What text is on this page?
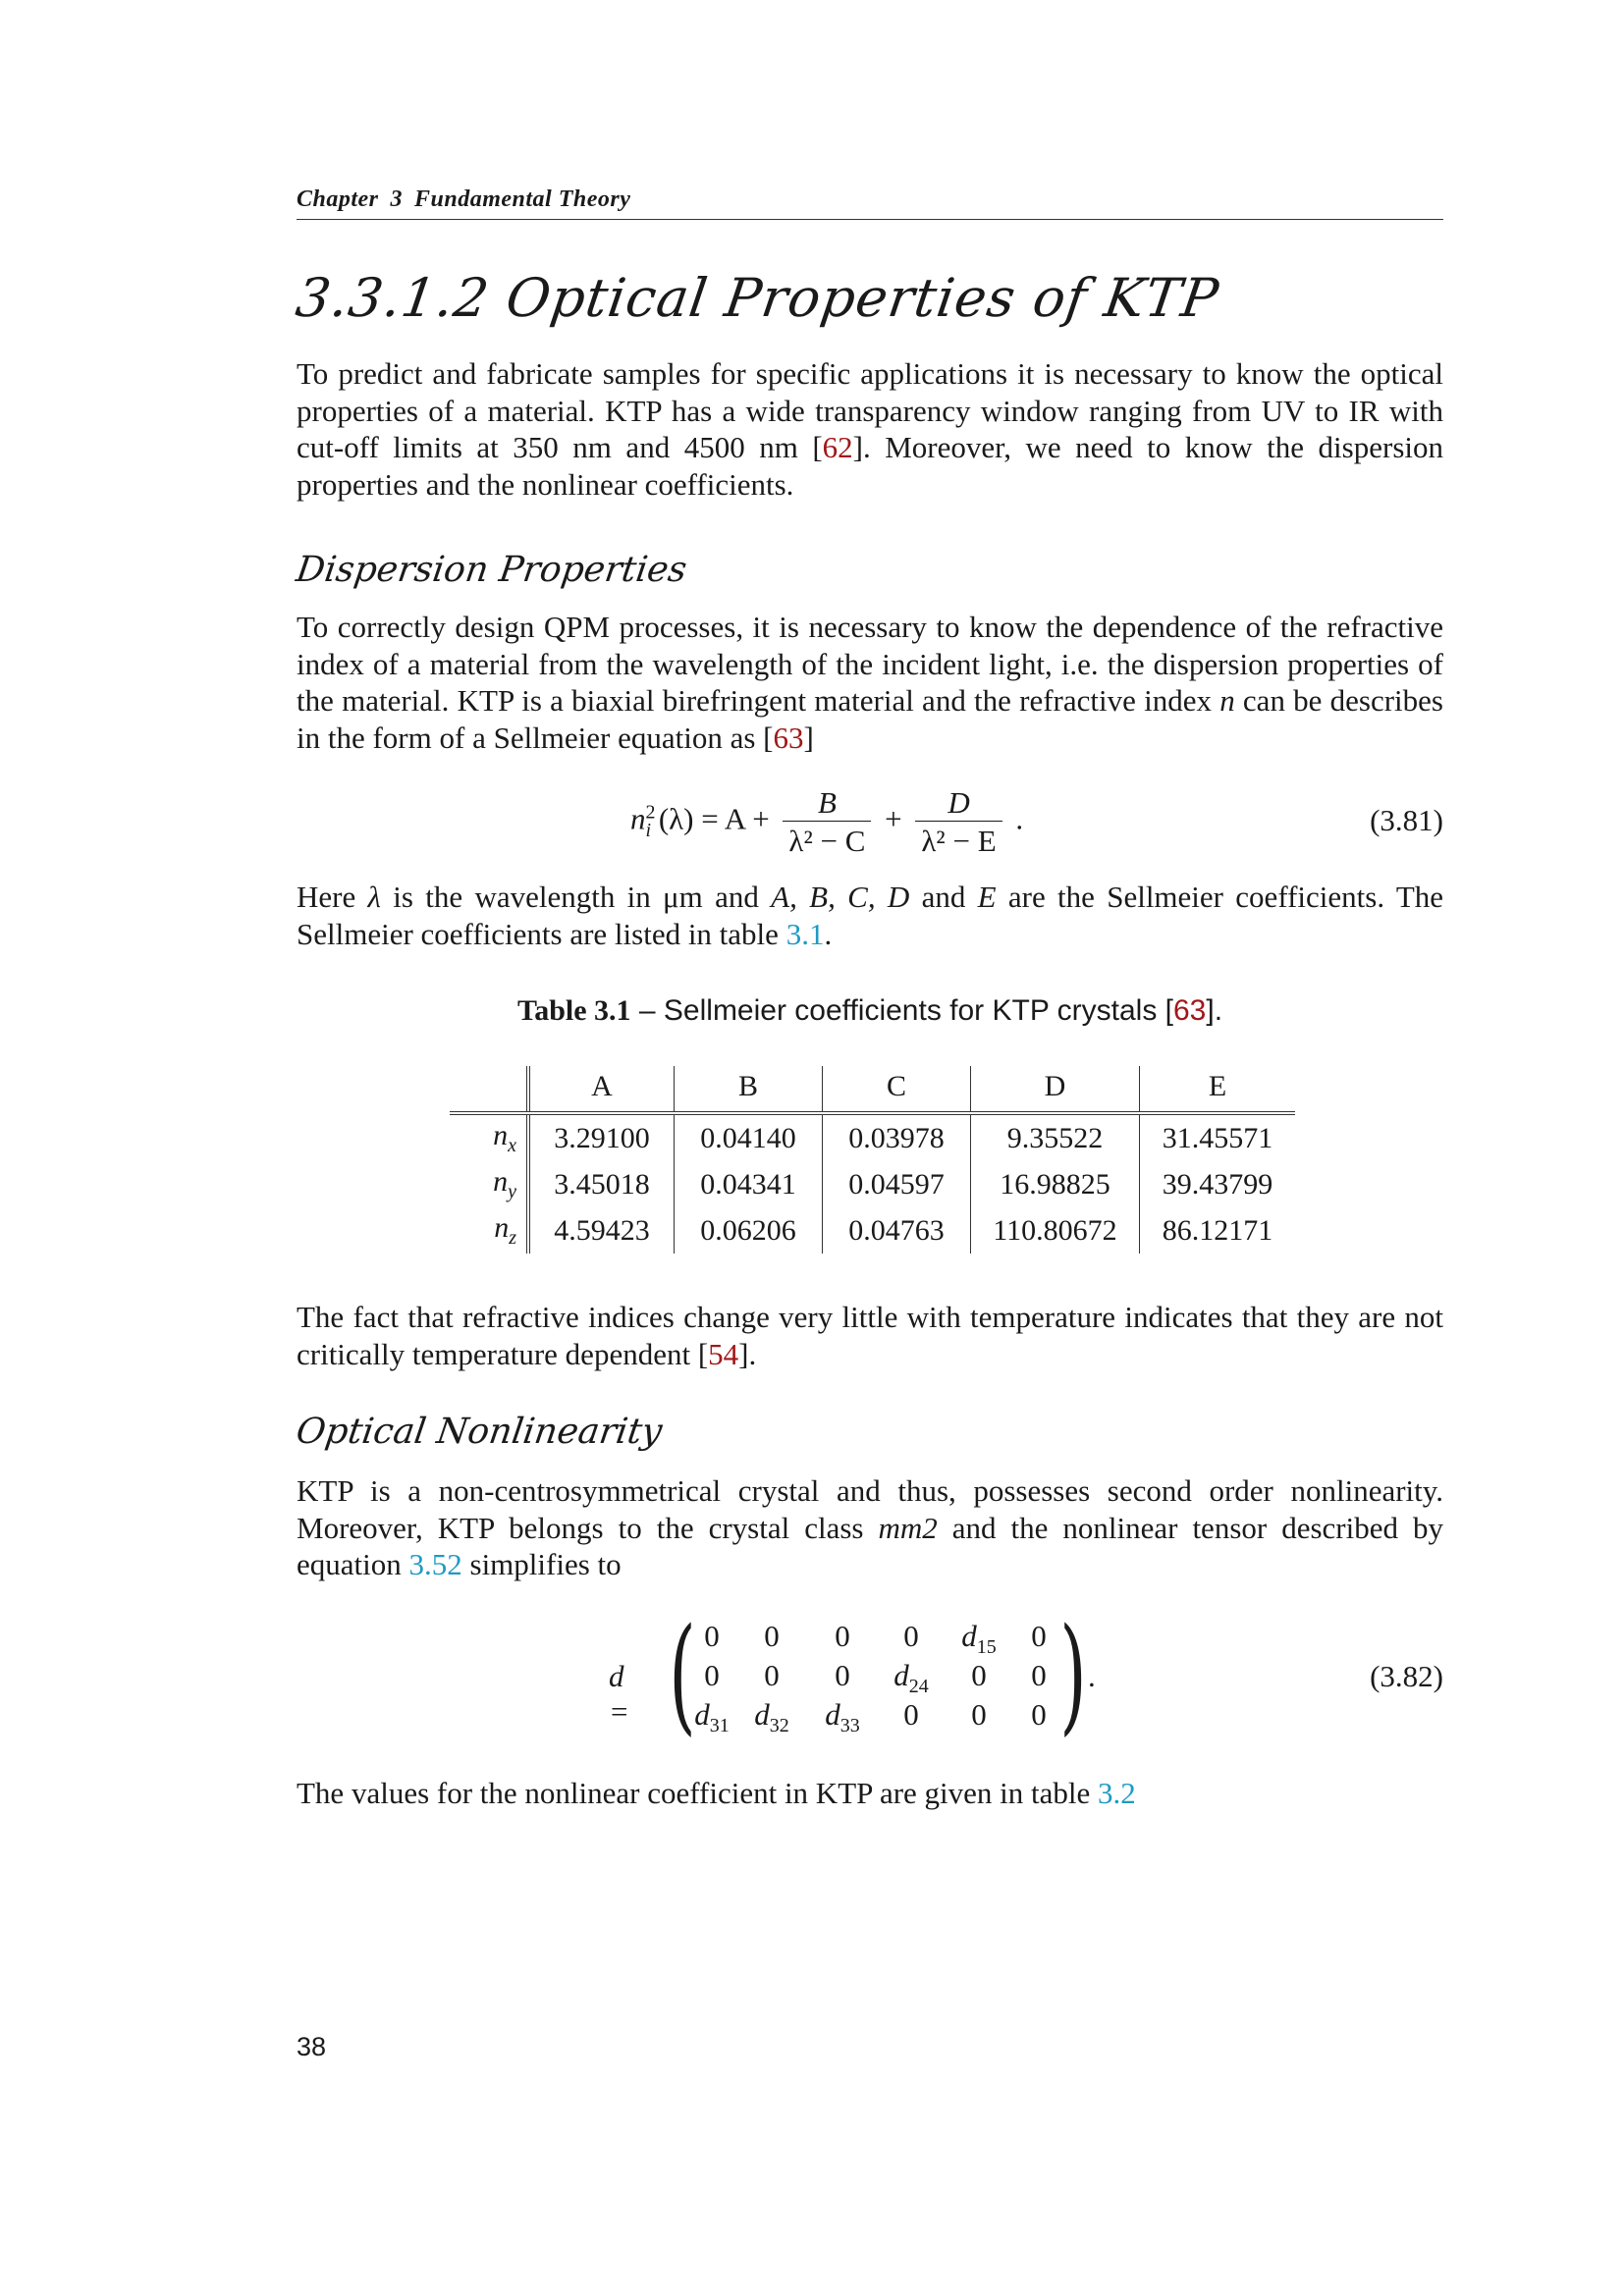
Chapter 3 Fundamental Theory
3.3.1.2 Optical Properties of KTP
To predict and fabricate samples for specific applications it is necessary to know the optical properties of a material. KTP has a wide transparency window ranging from UV to IR with cut-off limits at 350 nm and 4500 nm [62]. Moreover, we need to know the dispersion properties and the nonlinear coefficients.
Dispersion Properties
To correctly design QPM processes, it is necessary to know the dependence of the refractive index of a material from the wavelength of the incident light, i.e. the dispersion properties of the material. KTP is a biaxial birefringent material and the refractive index n can be describes in the form of a Sellmeier equation as [63]
$n^2_i$ $(\lambda) = A + \frac{B}{\text{λ² − C}} + \frac{D}{\text{λ² − E}}$ .	(3.81)
Here λ is the wavelength in μm and A, B, C, D and E are the Sellmeier coefficients. The Sellmeier coefficients are listed in table 3.1.
Table 3.1 – Sellmeier coefficients for KTP crystals [63].
	A	B	C	D	E
$n_x$	3.29100	0.04140	0.03978	9.35522	31.45571
$n_y$	3.45018	0.04341	0.04597	16.98825	39.43799
$n_z$	4.59423	0.06206	0.04763	110.80672	86.12171
The fact that refractive indices change very little with temperature indicates that they are not critically temperature dependent [54].
Optical Nonlinearity
KTP is a non-centrosymmetrical crystal and thus, possesses second order nonlinearity. Moreover, KTP belongs to the crystal class mm2 and the nonlinear tensor described by equation 3.52 simplifies to
d = ( 0	0	0	0	$d_{15}$	0
0	0	0	$d_{24}$	0	0
$d_{31}$ $d_{32}$	$d_{33}$	0	0	0 ) .	(3.82)
The values for the nonlinear coefficient in KTP are given in table 3.2
38
